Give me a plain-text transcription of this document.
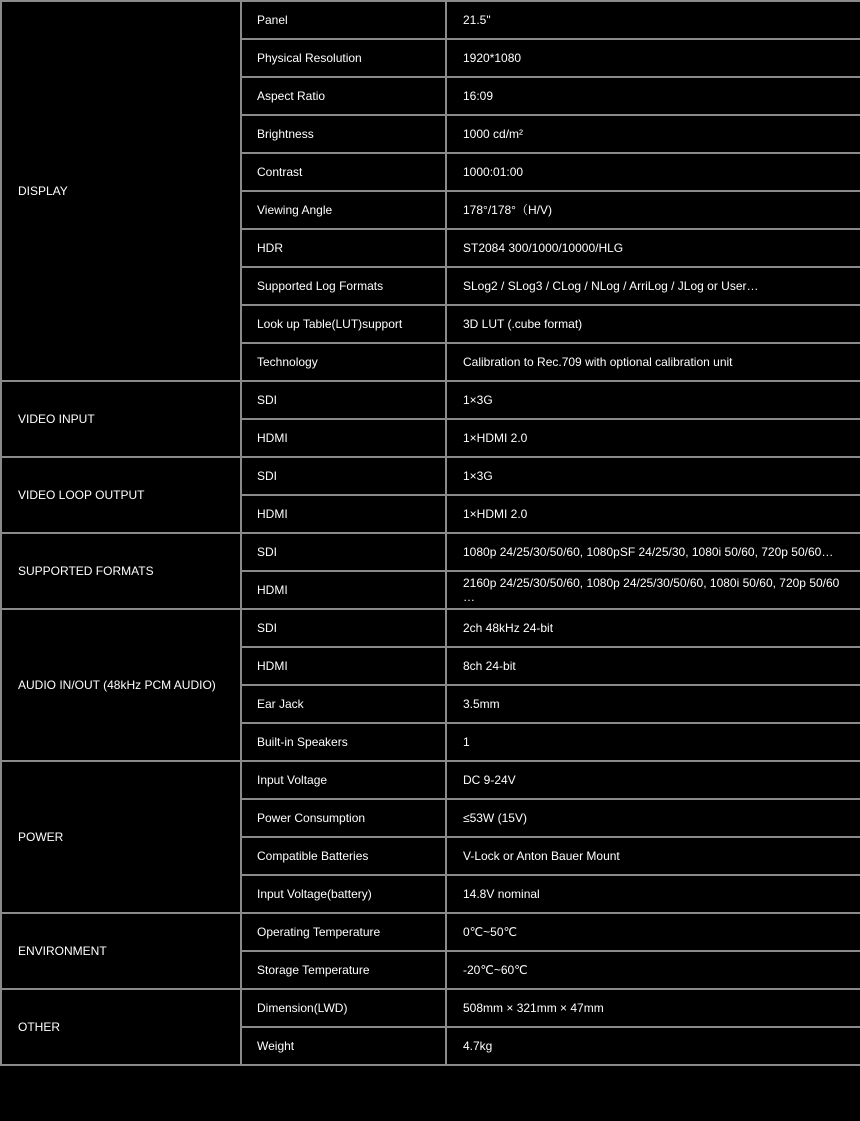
DISPLAY	Panel	21.5"

	Physical Resolution	1920*1080

	Aspect Ratio	16:09

	Brightness	1000 cd/m²

	Contrast	1000:01:00

	Viewing Angle	178°/178°（H/V)

	HDR	ST2084 300/1000/10000/HLG

	Supported Log Formats	SLog2 / SLog3 / CLog / NLog / ArriLog / JLog or User…

	Look up Table(LUT)support	3D LUT (.cube format)

	Technology	Calibration to Rec.709 with optional calibration unit

VIDEO INPUT	SDI	1×3G

	HDMI	1×HDMI 2.0

VIDEO LOOP OUTPUT	SDI	1×3G

	HDMI	1×HDMI 2.0

SUPPORTED FORMATS	SDI	1080p 24/25/30/50/60, 1080pSF 24/25/30, 1080i 50/60, 720p 50/60…

	HDMI	2160p 24/25/30/50/60, 1080p 24/25/30/50/60, 1080i 50/60, 720p 50/60 …
AUDIO IN/OUT (48kHz PCM AUDIO)	SDI	2ch 48kHz 24-bit

	HDMI	8ch 24-bit

	Ear Jack	3.5mm

	Built-in Speakers	1

POWER	Input Voltage	DC 9-24V

	Power Consumption	≤53W (15V)

	Compatible Batteries	V-Lock or Anton Bauer Mount

	Input Voltage(battery)	14.8V nominal

ENVIRONMENT	Operating Temperature	0℃~50℃

	Storage Temperature	-20℃~60℃

OTHER	Dimension(LWD)	508mm × 321mm × 47mm

	Weight	4.7kg
